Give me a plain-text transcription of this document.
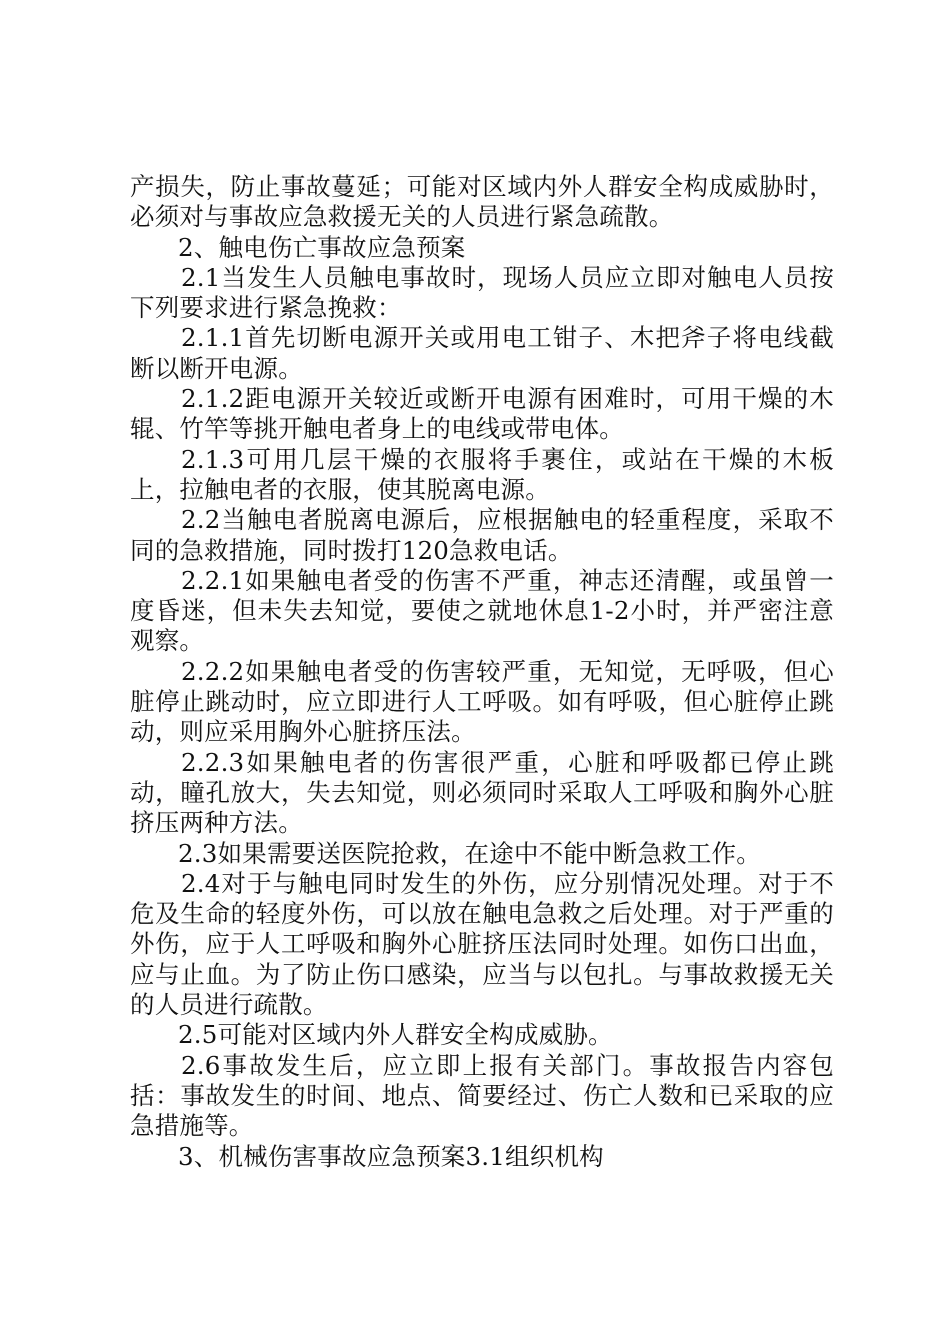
产损失，防止事故蔓延；可能对区域内外人群安全构成威胁时，必须对与事故应急救援无关的人员进行紧急疏散。

2、触电伤亡事故应急预案

2.1当发生人员触电事故时，现场人员应立即对触电人员按下列要求进行紧急挽救：

2.1.1首先切断电源开关或用电工钳子、木把斧子将电线截断以断开电源。

2.1.2距电源开关较近或断开电源有困难时，可用干燥的木辊、竹竿等挑开触电者身上的电线或带电体。

2.1.3可用几层干燥的衣服将手裹住，或站在干燥的木板上，拉触电者的衣服，使其脱离电源。

2.2当触电者脱离电源后，应根据触电的轻重程度，采取不同的急救措施，同时拨打120急救电话。

2.2.1如果触电者受的伤害不严重，神志还清醒，或虽曾一度昏迷，但未失去知觉，要使之就地休息1-2小时，并严密注意观察。

2.2.2如果触电者受的伤害较严重，无知觉，无呼吸，但心脏停止跳动时，应立即进行人工呼吸。如有呼吸，但心脏停止跳动，则应采用胸外心脏挤压法。

2.2.3如果触电者的伤害很严重，心脏和呼吸都已停止跳动，瞳孔放大，失去知觉，则必须同时采取人工呼吸和胸外心脏挤压两种方法。

2.3如果需要送医院抢救，在途中不能中断急救工作。

2.4对于与触电同时发生的外伤，应分别情况处理。对于不危及生命的轻度外伤，可以放在触电急救之后处理。对于严重的外伤，应于人工呼吸和胸外心脏挤压法同时处理。如伤口出血，应与止血。为了防止伤口感染，应当与以包扎。与事故救援无关的人员进行疏散。

2.5可能对区域内外人群安全构成威胁。

2.6事故发生后，应立即上报有关部门。事故报告内容包括：事故发生的时间、地点、简要经过、伤亡人数和已采取的应急措施等。

3、机械伤害事故应急预案3.1组织机构
